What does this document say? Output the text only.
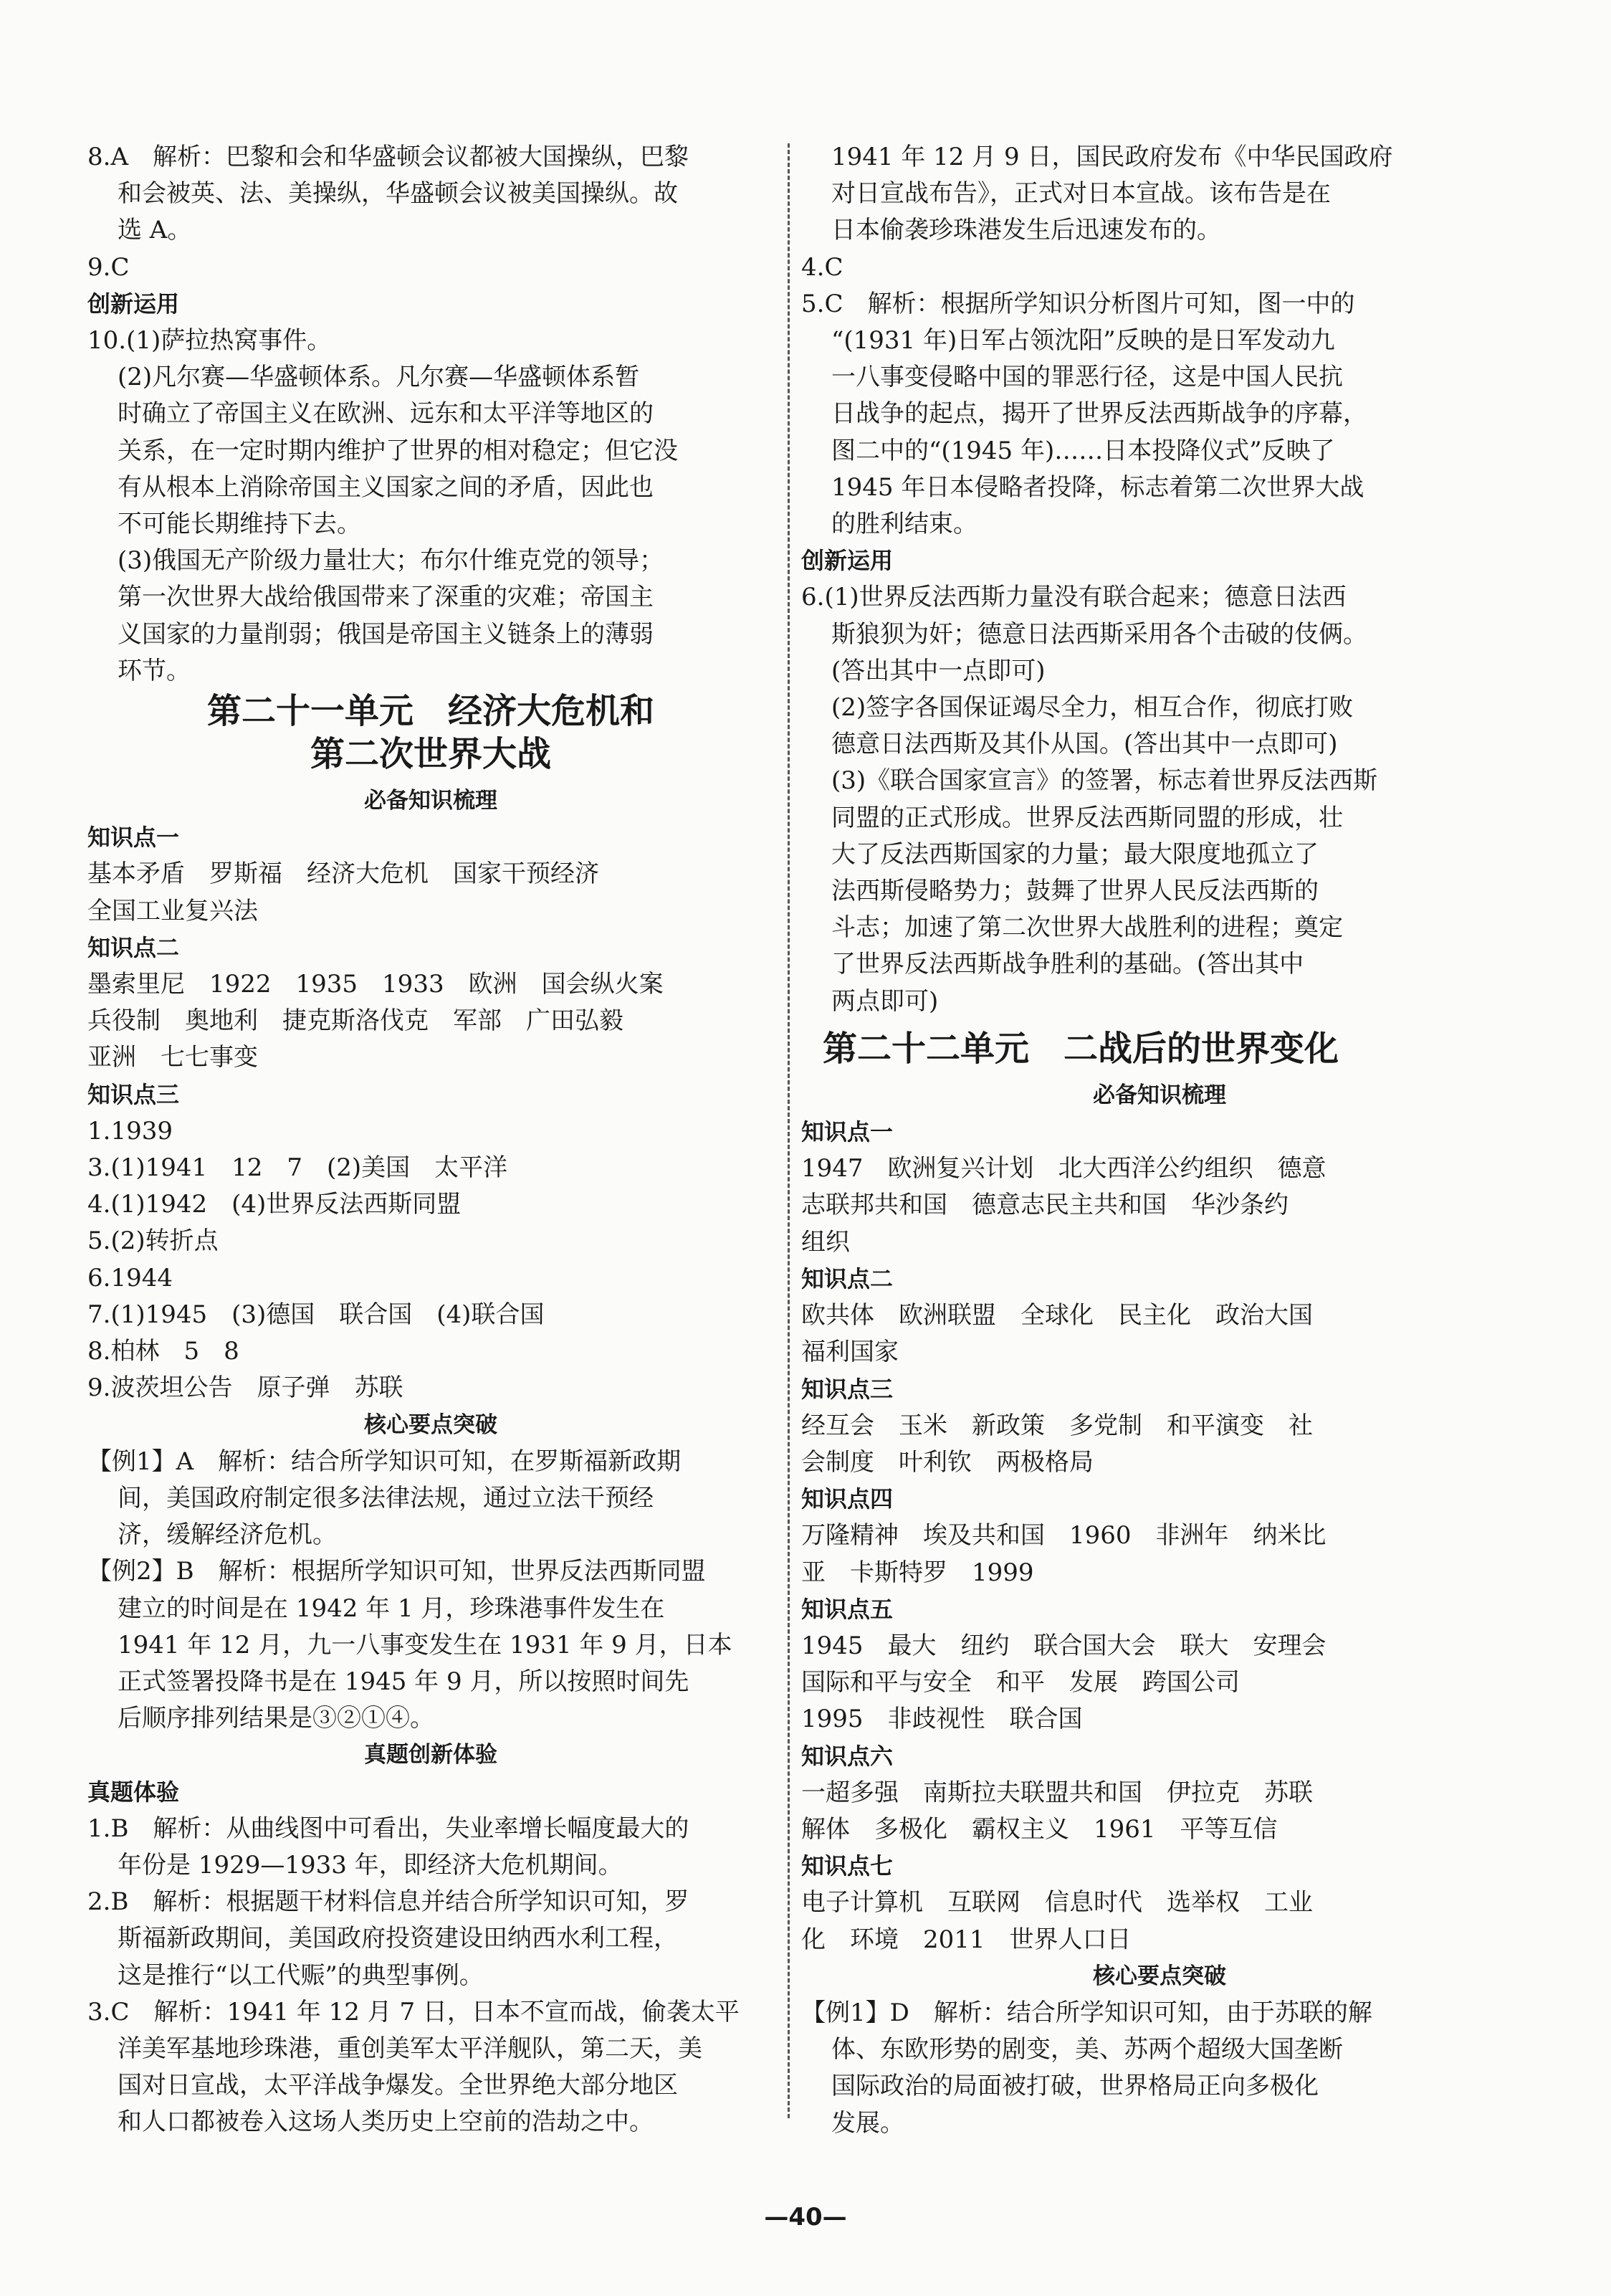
8.A　解析：巴黎和会和华盛顿会议都被大国操纵，巴黎
和会被英、法、美操纵，华盛顿会议被美国操纵。故
选 A。
9.C
创新运用
10.(1)萨拉热窝事件。
(2)凡尔赛—华盛顿体系。凡尔赛—华盛顿体系暂
时确立了帝国主义在欧洲、远东和太平洋等地区的
关系，在一定时期内维护了世界的相对稳定；但它没
有从根本上消除帝国主义国家之间的矛盾，因此也
不可能长期维持下去。
(3)俄国无产阶级力量壮大；布尔什维克党的领导；
第一次世界大战给俄国带来了深重的灾难；帝国主
义国家的力量削弱；俄国是帝国主义链条上的薄弱
环节。
第二十一单元　经济大危机和
第二次世界大战
必备知识梳理
知识点一
基本矛盾　罗斯福　经济大危机　国家干预经济
全国工业复兴法
知识点二
墨索里尼　1922　1935　1933　欧洲　国会纵火案
兵役制　奥地利　捷克斯洛伐克　军部　广田弘毅
亚洲　七七事变
知识点三
1.1939
3.(1)1941　12　7　(2)美国　太平洋
4.(1)1942　(4)世界反法西斯同盟
5.(2)转折点
6.1944
7.(1)1945　(3)德国　联合国　(4)联合国
8.柏林　5　8
9.波茨坦公告　原子弹　苏联
核心要点突破
【例1】A　解析：结合所学知识可知，在罗斯福新政期
间，美国政府制定很多法律法规，通过立法干预经
济，缓解经济危机。
【例2】B　解析：根据所学知识可知，世界反法西斯同盟
建立的时间是在 1942 年 1 月，珍珠港事件发生在
1941 年 12 月，九一八事变发生在 1931 年 9 月，日本
正式签署投降书是在 1945 年 9 月，所以按照时间先
后顺序排列结果是③②①④。
真题创新体验
真题体验
1.B　解析：从曲线图中可看出，失业率增长幅度最大的
年份是 1929—1933 年，即经济大危机期间。
2.B　解析：根据题干材料信息并结合所学知识可知，罗
斯福新政期间，美国政府投资建设田纳西水利工程，
这是推行“以工代赈”的典型事例。
3.C　解析：1941 年 12 月 7 日，日本不宣而战，偷袭太平
洋美军基地珍珠港，重创美军太平洋舰队，第二天，美
国对日宣战，太平洋战争爆发。全世界绝大部分地区
和人口都被卷入这场人类历史上空前的浩劫之中。
1941 年 12 月 9 日，国民政府发布《中华民国政府
对日宣战布告》，正式对日本宣战。该布告是在
日本偷袭珍珠港发生后迅速发布的。
4.C
5.C　解析：根据所学知识分析图片可知，图一中的
“(1931 年)日军占领沈阳”反映的是日军发动九
一八事变侵略中国的罪恶行径，这是中国人民抗
日战争的起点，揭开了世界反法西斯战争的序幕，
图二中的“(1945 年)……日本投降仪式”反映了
1945 年日本侵略者投降，标志着第二次世界大战
的胜利结束。
创新运用
6.(1)世界反法西斯力量没有联合起来；德意日法西
斯狼狈为奸；德意日法西斯采用各个击破的伎俩。
(答出其中一点即可)
(2)签字各国保证竭尽全力，相互合作，彻底打败
德意日法西斯及其仆从国。(答出其中一点即可)
(3)《联合国家宣言》的签署，标志着世界反法西斯
同盟的正式形成。世界反法西斯同盟的形成，壮
大了反法西斯国家的力量；最大限度地孤立了
法西斯侵略势力；鼓舞了世界人民反法西斯的
斗志；加速了第二次世界大战胜利的进程；奠定
了世界反法西斯战争胜利的基础。(答出其中
两点即可)
第二十二单元　二战后的世界变化
必备知识梳理
知识点一
1947　欧洲复兴计划　北大西洋公约组织　德意
志联邦共和国　德意志民主共和国　华沙条约
组织
知识点二
欧共体　欧洲联盟　全球化　民主化　政治大国
福利国家
知识点三
经互会　玉米　新政策　多党制　和平演变　社
会制度　叶利钦　两极格局
知识点四
万隆精神　埃及共和国　1960　非洲年　纳米比
亚　卡斯特罗　1999
知识点五
1945　最大　纽约　联合国大会　联大　安理会
国际和平与安全　和平　发展　跨国公司
1995　非歧视性　联合国
知识点六
一超多强　南斯拉夫联盟共和国　伊拉克　苏联
解体　多极化　霸权主义　1961　平等互信
知识点七
电子计算机　互联网　信息时代　选举权　工业
化　环境　2011　世界人口日
核心要点突破
【例1】D　解析：结合所学知识可知，由于苏联的解
体、东欧形势的剧变，美、苏两个超级大国垄断
国际政治的局面被打破，世界格局正向多极化
发展。
—40—
